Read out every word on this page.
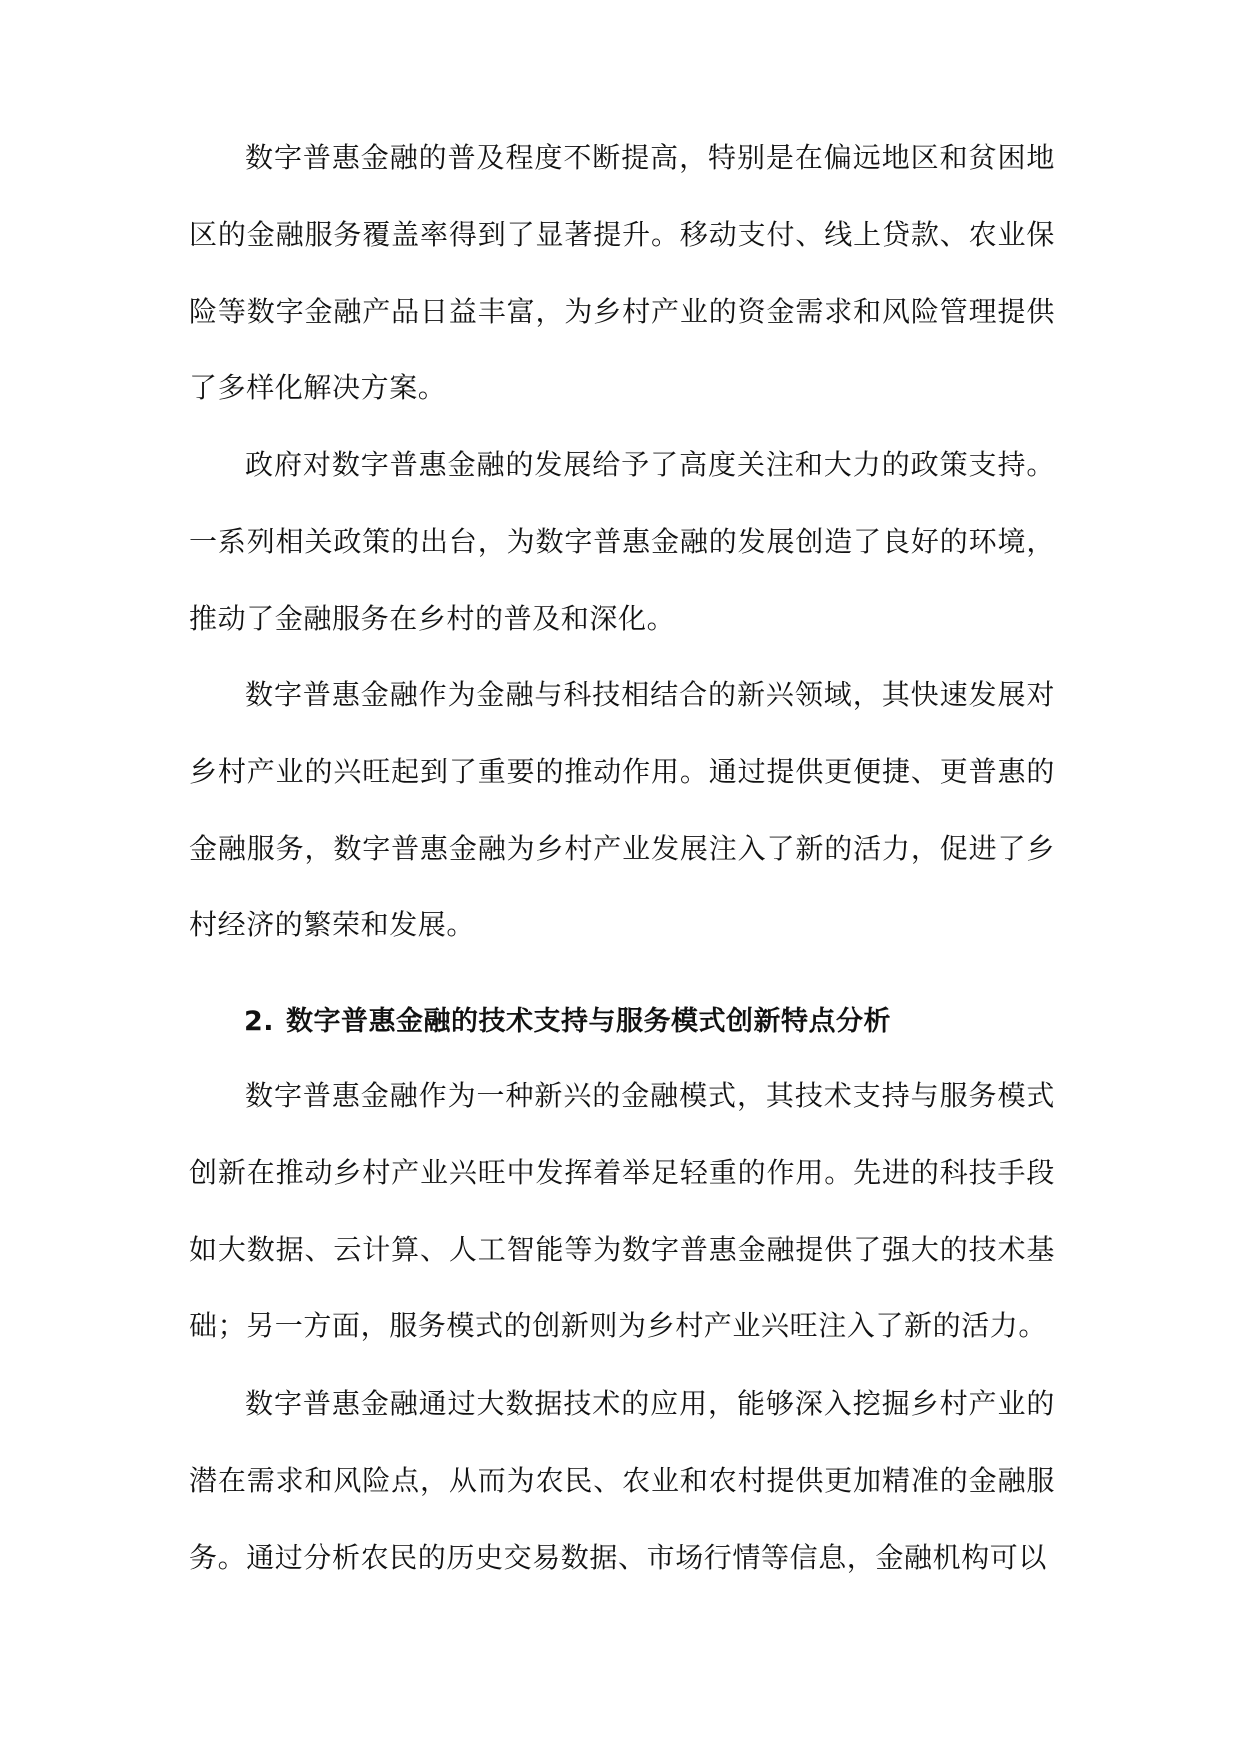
数字普惠金融的普及程度不断提高，特别是在偏远地区和贫困地区的金融服务覆盖率得到了显著提升。移动支付、线上贷款、农业保险等数字金融产品日益丰富，为乡村产业的资金需求和风险管理提供了多样化解决方案。

政府对数字普惠金融的发展给予了高度关注和大力的政策支持。一系列相关政策的出台，为数字普惠金融的发展创造了良好的环境，推动了金融服务在乡村的普及和深化。

数字普惠金融作为金融与科技相结合的新兴领域，其快速发展对乡村产业的兴旺起到了重要的推动作用。通过提供更便捷、更普惠的金融服务，数字普惠金融为乡村产业发展注入了新的活力，促进了乡村经济的繁荣和发展。

2. 数字普惠金融的技术支持与服务模式创新特点分析

数字普惠金融作为一种新兴的金融模式，其技术支持与服务模式创新在推动乡村产业兴旺中发挥着举足轻重的作用。先进的科技手段如大数据、云计算、人工智能等为数字普惠金融提供了强大的技术基础；另一方面，服务模式的创新则为乡村产业兴旺注入了新的活力。

数字普惠金融通过大数据技术的应用，能够深入挖掘乡村产业的潜在需求和风险点，从而为农民、农业和农村提供更加精准的金融服务。通过分析农民的历史交易数据、市场行情等信息，金融机构可以
